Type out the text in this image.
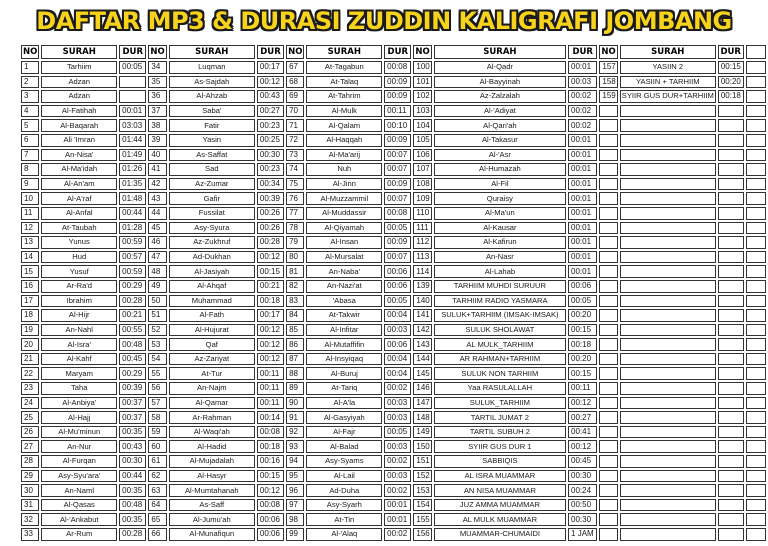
DAFTAR MP3 & DURASI ZUDDIN KALIGRAFI JOMBANG
NO	SURAH	DUR	NO	SURAH	DUR	NO	SURAH	DUR	NO	SURAH	DUR	NO	SURAH	DUR	
1	Tarhiim	00:05	34	Luqman	00:17	67	At-Tagabun	00:08	100	Al-Qadr	00:01	157	YASIIN 2	00:15	
2	Adzan		35	As-Sajdah	00:12	68	At-Talaq	00:09	101	Al-Bayyinah	00:03	158	YASIIN + TARHIIM	00:20	
3	Adzan		36	Al-Ahzab	00:43	69	At-Tahrim	00:09	102	Az-Zalzalah	00:02	159	SYIIR GUS DUR+TARHIIM	00:18	
4	Al-Fatihah	00:01	37	Saba'	00:27	70	Al-Mulk	00:11	103	Al-'Adiyat	00:02				
5	Al-Baqarah	03:03	38	Fatir	00:23	71	Al-Qalam	00:10	104	Al-Qari'ah	00:02				
6	Ali 'Imran	01:44	39	Yasin	00:25	72	Al-Haqqah	00:09	105	Al-Takasur	00:01				
7	An-Nisa'	01:49	40	As-Saffat	00:30	73	Al-Ma'arij	00:07	106	Al-'Asr	00:01				
8	Al-Ma'idah	01:26	41	Sad	00:23	74	Nuh	00:07	107	Al-Humazah	00:01				
9	Al-An'am	01:35	42	Az-Zumar	00:34	75	Al-Jinn	00:09	108	Al-Fil	00:01				
10	Al-A'raf	01:48	43	Gafir	00:39	76	Al-Muzzammil	00:07	109	Quraisy	00:01				
11	Al-Anfal	00:44	44	Fussilat	00:26	77	Al-Muddassir	00:08	110	Al-Ma'un	00:01				
12	At-Taubah	01:28	45	Asy-Syura	00:26	78	Al-Qiyamah	00:05	111	Al-Kausar	00:01				
13	Yunus	00:59	46	Az-Zukhruf	00:28	79	Al-Insan	00:09	112	Al-Kafirun	00:01				
14	Hud	00:57	47	Ad-Dukhan	00:12	80	Al-Mursalat	00:07	113	An-Nasr	00:01				
15	Yusuf	00:59	48	Al-Jasiyah	00:15	81	An-Naba'	00:06	114	Al-Lahab	00:01				
16	Ar-Ra'd	00:29	49	Al-Ahqaf	00:21	82	An-Nazi'at	00:06	139	TARHIIM MUHDI SURUUR	00:06				
17	Ibrahim	00:28	50	Muhammad	00:18	83	'Abasa	00:05	140	TARHIIM RADIO YASMARA	00:05				
18	Al-Hijr	00:21	51	Al-Fath	00:17	84	At-Takwir	00:04	141	SULUK+TARHIIM (IMSAK-IMSAK)	00:20				
19	An-Nahl	00:55	52	Al-Hujurat	00:12	85	Al-Infitar	00:03	142	SULUK SHOLAWAT	00:15				
20	Al-Isra'	00:48	53	Qaf	00:12	86	Al-Mutaffifin	00:06	143	AL MULK_TARHIIM	00:18				
21	Al-Kahf	00:45	54	Az-Zariyat	00:12	87	Al-Insyiqaq	00:04	144	AR RAHMAN+TARHIIM	00:20				
22	Maryam	00:29	55	At-Tur	00:11	88	Al-Buruj	00:04	145	SULUK NON TARHIIM	00:15				
23	Taha	00:39	56	An-Najm	00:11	89	At-Tariq	00:02	146	Yaa RASULALLAH	00:11				
24	Al-Anbiya'	00:37	57	Al-Qamar	00:11	90	Al-A'la	00:03	147	SULUK_TARHIIM	00:12				
25	Al-Hajj	00:37	58	Ar-Rahman	00:14	91	Al-Gasyiyah	00:03	148	TARTIL JUMAT 2	00:27				
26	Al-Mu'minun	00:35	59	Al-Waqi'ah	00:08	92	Al-Fajr	00:05	149	TARTIL SUBUH 2	00:41				
27	An-Nur	00:43	60	Al-Hadid	00:18	93	Al-Balad	00:03	150	SYIIR GUS DUR 1	00:12				
28	Al-Furqan	00:30	61	Al-Mujadalah	00:16	94	Asy-Syams	00:02	151	SABBIQIS	00:45				
29	Asy-Syu'ara'	00:44	62	Al-Hasyr	00:15	95	Al-Lail	00:03	152	AL ISRA MUAMMAR	00:30				
30	An-Naml	00:35	63	Al-Mumtahanah	00:12	96	Ad-Duha	00:02	153	AN NISA MUAMMAR	00:24				
31	Al-Qasas	00:48	64	As-Saff	00:08	97	Asy-Syarh	00:01	154	JUZ AMMA MUAMMAR	00:50				
32	Al-'Ankabut	00:35	65	Al-Jumu'ah	00:06	98	At-Tin	00:01	155	AL MULK MUAMMAR	00:30				
33	Ar-Rum	00:28	66	Al-Munafiqun	00:06	99	Al-'Alaq	00:02	156	MUAMMAR-CHUMAIDI	1 JAM				
